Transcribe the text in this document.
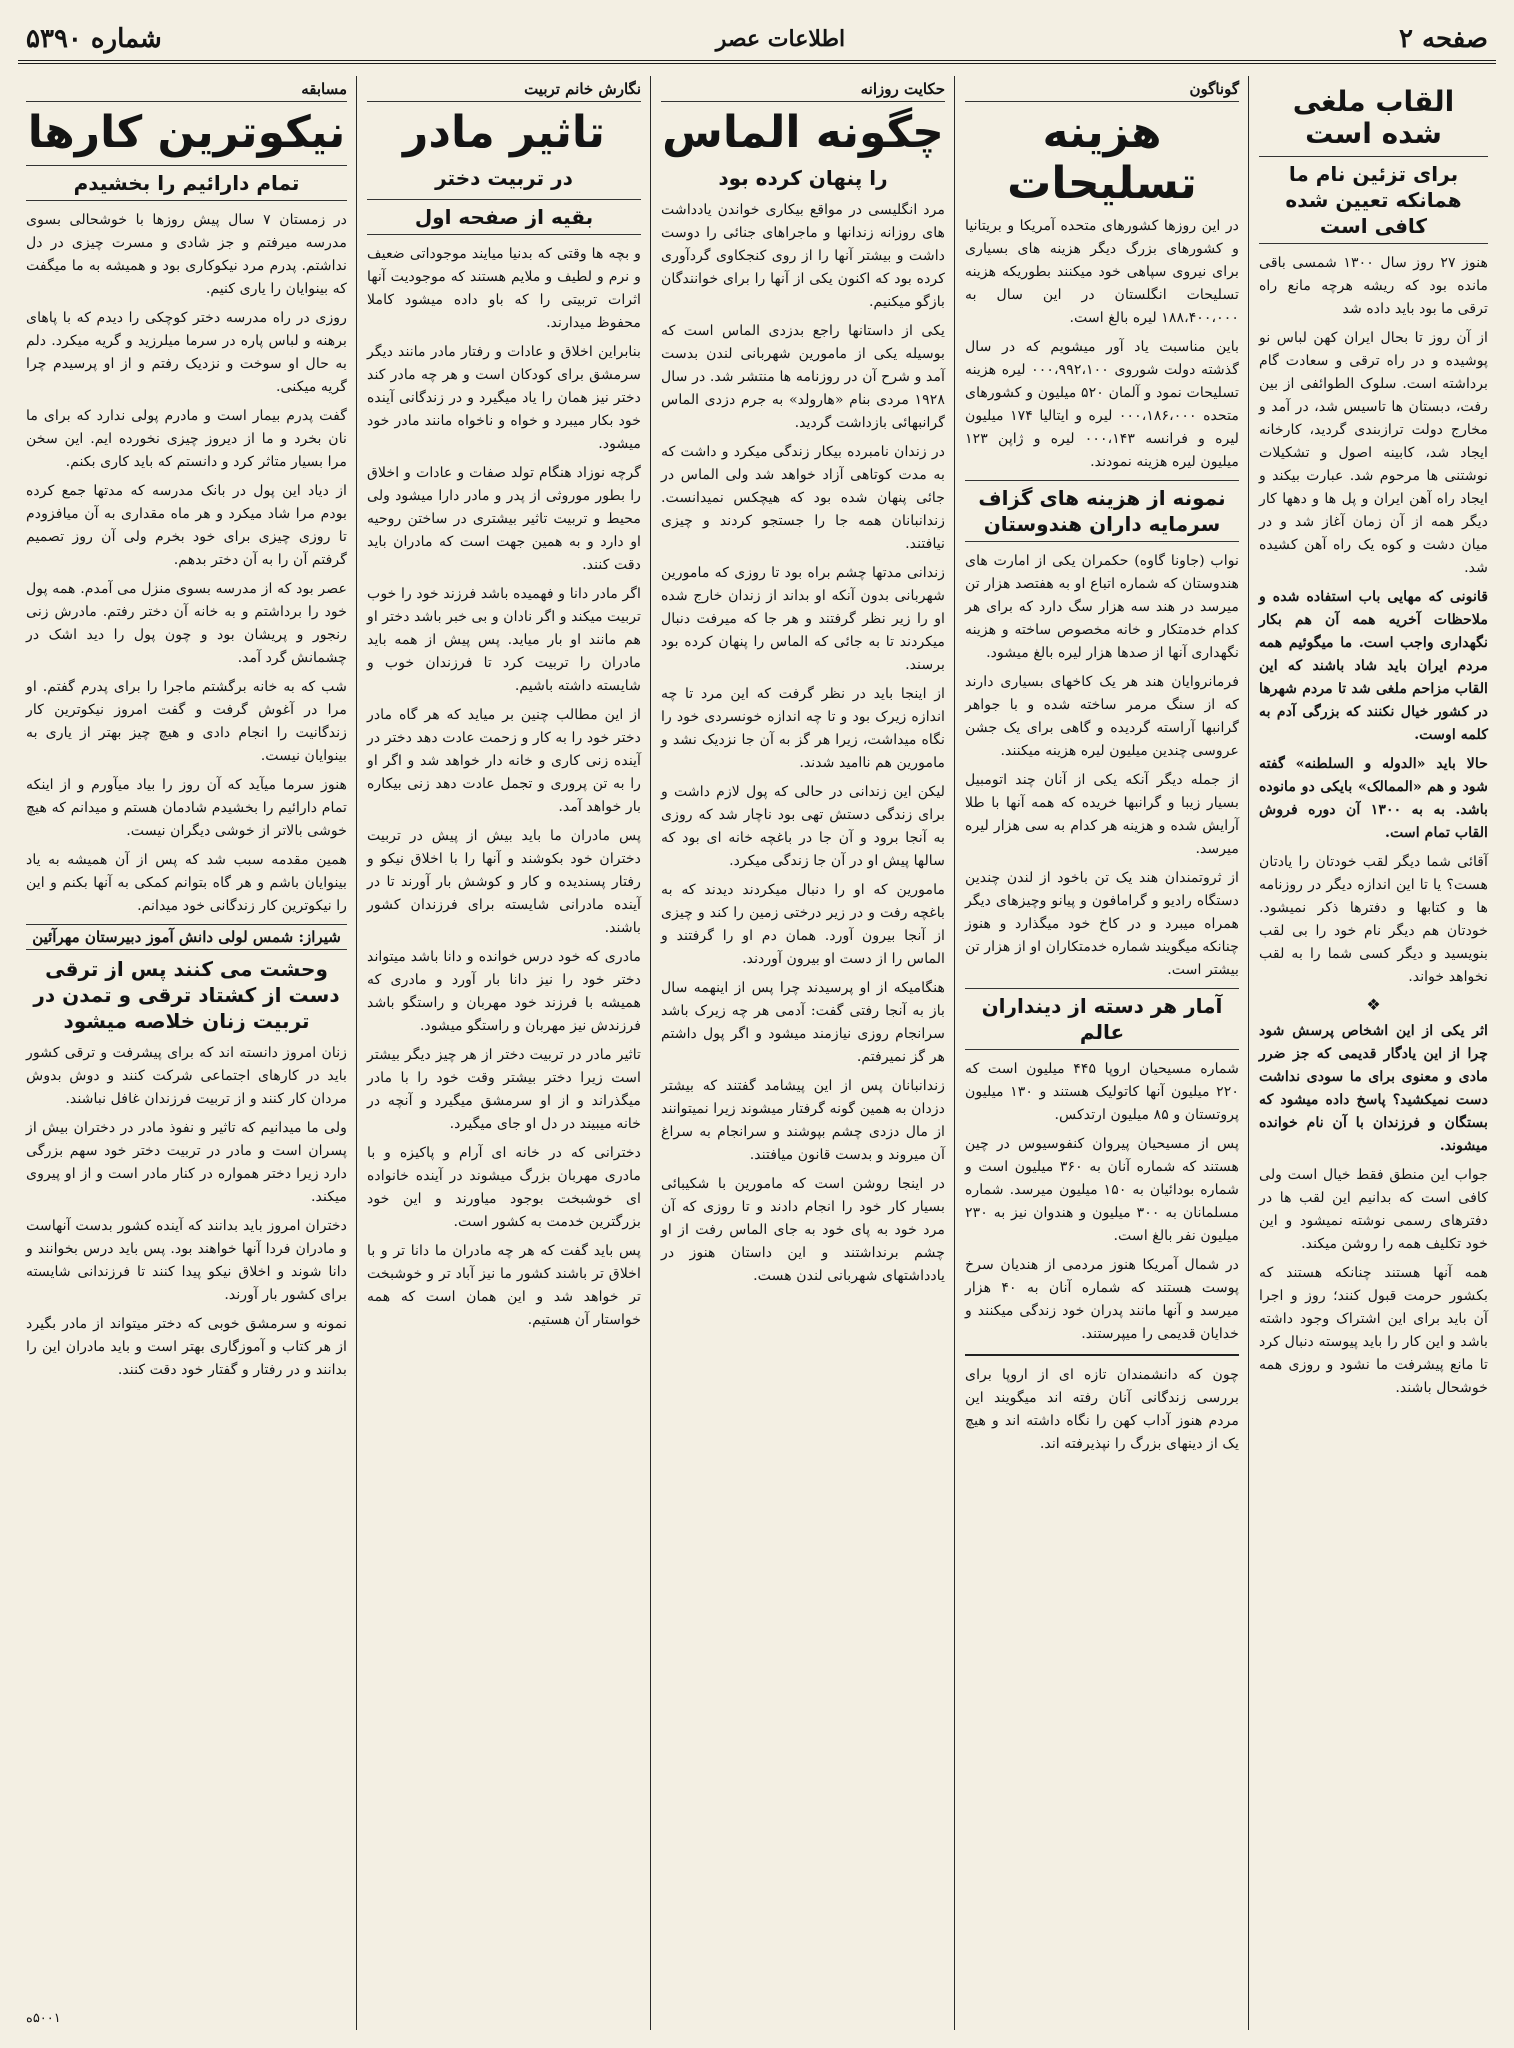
صفحه ۲
اطلاعات عصر
شماره ۵۳۹۰
القاب ملغی شده است
برای تزئین نام ما همانکه تعیین شده کافی است

هنوز ۲۷ روز سال ۱۳۰۰ شمسی باقی مانده بود که ریشه هرچه مانع راه ترقی ما بود باید داده شد

از آن روز تا بحال ایران کهن لباس نو پوشیده و در راه ترقی و سعادت گام برداشته است. سلوک الطوائفی از بین رفت، دبستان ها تاسیس شد، در آمد و مخارج دولت ترازبندی گردید، کارخانه ایجاد شد، کابینه اصول و تشکیلات نوشتنی ها مرحوم شد. عبارت بیکند و ایجاد راه آهن ایران و پل ها و دهها کار دیگر همه از آن زمان آغاز شد و در میان دشت و کوه یک راه آهن کشیده شد.

قانونی که مهایی باب استفاده شده و ملاحظات آخریه همه آن هم بکار نگهداری واجب است. ما میگوئیم همه مردم ایران باید شاد باشند که این القاب مزاحم ملغی شد تا مردم شهرها در کشور خیال نکنند که بزرگی آدم به کلمه اوست.

حالا باید «الدوله و السلطنه» گفته شود و هم «الممالک» بایکی دو مانوده باشد. به به ۱۳۰۰ آن دوره فروش القاب تمام است.

آقائی شما دیگر لقب خودتان را یادتان هست؟ یا تا این اندازه دیگر در روزنامه ها و کتابها و دفترها ذکر نمیشود. خودتان هم دیگر نام خود را بی لقب بنویسید و دیگر کسی شما را به لقب نخواهد خواند.

❖

اثر یکی از این اشخاص پرسش شود چرا از این یادگار قدیمی که جز ضرر مادی و معنوی برای ما سودی نداشت دست نمیکشید؟ پاسخ داده میشود که بستگان و فرزندان با آن نام خوانده میشوند.

جواب این منطق فقط خیال است ولی کافی است که بدانیم این لقب ها در دفترهای رسمی نوشته نمیشود و این خود تکلیف همه را روشن میکند.

همه آنها هستند چنانکه هستند که بکشور حرمت قبول کنند؛ روز و اجرا آن باید برای این اشتراک وجود داشته باشد و این کار را باید پیوسته دنبال کرد تا مانع پیشرفت ما نشود و روزی همه خوشحال باشند.

گوناگون
هزینه تسلیحات

در این روزها کشورهای متحده آمریکا و بریتانیا و کشورهای بزرگ دیگر هزینه های بسیاری برای نیروی سپاهی خود میکنند بطوریکه هزینه تسلیحات انگلستان در این سال به ۱۸۸،۴۰۰،۰۰۰ لیره بالغ است.

باین مناسبت یاد آور میشویم که در سال گذشته دولت شوروی ۰۰۰،۹۹۲،۱۰۰ لیره هزینه تسلیحات نمود و آلمان ۵۲۰ میلیون و کشورهای متحده ۰۰۰،۱۸۶،۰۰۰ لیره و ایتالیا ۱۷۴ میلیون لیره و فرانسه ۰۰۰،۱۴۳ لیره و ژاپن ۱۲۳ میلیون لیره هزینه نمودند.

نمونه از هزینه های گزاف سرمایه داران هندوستان

نواب (جاونا گاوه) حکمران یکی از امارت های هندوستان که شماره اتباع او به هفتصد هزار تن میرسد در هند سه هزار سگ دارد که برای هر کدام خدمتکار و خانه مخصوص ساخته و هزینه نگهداری آنها از صدها هزار لیره بالغ میشود.

فرمانروایان هند هر یک کاخهای بسیاری دارند که از سنگ مرمر ساخته شده و با جواهر گرانبها آراسته گردیده و گاهی برای یک جشن عروسی چندین میلیون لیره هزینه میکنند.

از جمله دیگر آنکه یکی از آنان چند اتومبیل بسیار زیبا و گرانبها خریده که همه آنها با طلا آرایش شده و هزینه هر کدام به سی هزار لیره میرسد.

از ثروتمندان هند یک تن باخود از لندن چندین دستگاه رادیو و گرامافون و پیانو وچیزهای دیگر همراه میبرد و در کاخ خود میگذارد و هنوز چنانکه میگویند شماره خدمتکاران او از هزار تن بیشتر است.

آمار هر دسته از دینداران عالم

شماره مسیحیان اروپا ۴۴۵ میلیون است که ۲۲۰ میلیون آنها کاتولیک هستند و ۱۳۰ میلیون پروتستان و ۸۵ میلیون ارتدکس.

پس از مسیحیان پیروان کنفوسیوس در چین هستند که شماره آنان به ۳۶۰ میلیون است و شماره بودائیان به ۱۵۰ میلیون میرسد. شماره مسلمانان به ۳۰۰ میلیون و هندوان نیز به ۲۳۰ میلیون نفر بالغ است.

در شمال آمریکا هنوز مردمی از هندیان سرخ پوست هستند که شماره آنان به ۴۰ هزار میرسد و آنها مانند پدران خود زندگی میکنند و خدایان قدیمی را میپرستند.

چون که دانشمندان تازه ای از اروپا برای بررسی زندگانی آنان رفته اند میگویند این مردم هنوز آداب کهن را نگاه داشته اند و هیچ یک از دینهای بزرگ را نپذیرفته اند.

حکایت روزانه
چگونه الماس
را پنهان کرده بود

مرد انگلیسی در مواقع بیکاری خواندن یادداشت های روزانه زندانها و ماجراهای جنائی را دوست داشت و بیشتر آنها را از روی کنجکاوی گردآوری کرده بود که اکنون یکی از آنها را برای خوانندگان بازگو میکنیم.

یکی از داستانها راجع بدزدی الماس است که بوسیله یکی از مامورین شهربانی لندن بدست آمد و شرح آن در روزنامه ها منتشر شد. در سال ۱۹۲۸ مردی بنام «هارولد» به جرم دزدی الماس گرانبهائی بازداشت گردید.

در زندان نامبرده بیکار زندگی میکرد و داشت که به مدت کوتاهی آزاد خواهد شد ولی الماس در جائی پنهان شده بود که هیچکس نمیدانست. زندانبانان همه جا را جستجو کردند و چیزی نیافتند.

زندانی مدتها چشم براه بود تا روزی که مامورین شهربانی بدون آنکه او بداند از زندان خارج شده او را زیر نظر گرفتند و هر جا که میرفت دنبال میکردند تا به جائی که الماس را پنهان کرده بود برسند.

از اینجا باید در نظر گرفت که این مرد تا چه اندازه زیرک بود و تا چه اندازه خونسردی خود را نگاه میداشت، زیرا هر گز به آن جا نزدیک نشد و مامورین هم ناامید شدند.

لیکن این زندانی در حالی که پول لازم داشت و برای زندگی دستش تهی بود ناچار شد که روزی به آنجا برود و آن جا در باغچه خانه ای بود که سالها پیش او در آن جا زندگی میکرد.

مامورین که او را دنبال میکردند دیدند که به باغچه رفت و در زیر درختی زمین را کند و چیزی از آنجا بیرون آورد. همان دم او را گرفتند و الماس را از دست او بیرون آوردند.

هنگامیکه از او پرسیدند چرا پس از اینهمه سال باز به آنجا رفتی گفت: آدمی هر چه زیرک باشد سرانجام روزی نیازمند میشود و اگر پول داشتم هر گز نمیرفتم.

زندانبانان پس از این پیشامد گفتند که بیشتر دزدان به همین گونه گرفتار میشوند زیرا نمیتوانند از مال دزدی چشم بپوشند و سرانجام به سراغ آن میروند و بدست قانون میافتند.

در اینجا روشن است که مامورین با شکیبائی بسیار کار خود را انجام دادند و تا روزی که آن مرد خود به پای خود به جای الماس رفت از او چشم برنداشتند و این داستان هنوز در یادداشتهای شهربانی لندن هست.

نگارش خانم تربیت
تاثیر مادر
در تربیت دختر
بقیه از صفحه اول

و بچه ها وقتی که بدنیا میایند موجوداتی ضعیف و نرم و لطیف و ملایم هستند که موجودیت آنها اثرات تربیتی را که باو داده میشود کاملا محفوظ میدارند.

بنابراین اخلاق و عادات و رفتار مادر مانند دیگر سرمشق برای کودکان است و هر چه مادر کند دختر نیز همان را یاد میگیرد و در زندگانی آینده خود بکار میبرد و خواه و ناخواه مانند مادر خود میشود.

گرچه نوزاد هنگام تولد صفات و عادات و اخلاق را بطور موروثی از پدر و مادر دارا میشود ولی محیط و تربیت تاثیر بیشتری در ساختن روحیه او دارد و به همین جهت است که مادران باید دقت کنند.

اگر مادر دانا و فهمیده باشد فرزند خود را خوب تربیت میکند و اگر نادان و بی خبر باشد دختر او هم مانند او بار میاید. پس پیش از همه باید مادران را تربیت کرد تا فرزندان خوب و شایسته داشته باشیم.

از این مطالب چنین بر میاید که هر گاه مادر دختر خود را به کار و زحمت عادت دهد دختر در آینده زنی کاری و خانه دار خواهد شد و اگر او را به تن پروری و تجمل عادت دهد زنی بیکاره بار خواهد آمد.

پس مادران ما باید بیش از پیش در تربیت دختران خود بکوشند و آنها را با اخلاق نیکو و رفتار پسندیده و کار و کوشش بار آورند تا در آینده مادرانی شایسته برای فرزندان کشور باشند.

مادری که خود درس خوانده و دانا باشد میتواند دختر خود را نیز دانا بار آورد و مادری که همیشه با فرزند خود مهربان و راستگو باشد فرزندش نیز مهربان و راستگو میشود.

تاثیر مادر در تربیت دختر از هر چیز دیگر بیشتر است زیرا دختر بیشتر وقت خود را با مادر میگذراند و از او سرمشق میگیرد و آنچه در خانه میبیند در دل او جای میگیرد.

دخترانی که در خانه ای آرام و پاکیزه و با مادری مهربان بزرگ میشوند در آینده خانواده ای خوشبخت بوجود میاورند و این خود بزرگترین خدمت به کشور است.

پس باید گفت که هر چه مادران ما دانا تر و با اخلاق تر باشند کشور ما نیز آباد تر و خوشبخت تر خواهد شد و این همان است که همه خواستار آن هستیم.

مسابقه
نیکوترین کارها
تمام دارائیم را بخشیدم

در زمستان ۷ سال پیش روزها با خوشحالی بسوی مدرسه میرفتم و جز شادی و مسرت چیزی در دل نداشتم. پدرم مرد نیکوکاری بود و همیشه به ما میگفت که بینوایان را یاری کنیم.

روزی در راه مدرسه دختر کوچکی را دیدم که با پاهای برهنه و لباس پاره در سرما میلرزید و گریه میکرد. دلم به حال او سوخت و نزدیک رفتم و از او پرسیدم چرا گریه میکنی.

گفت پدرم بیمار است و مادرم پولی ندارد که برای ما نان بخرد و ما از دیروز چیزی نخورده ایم. این سخن مرا بسیار متاثر کرد و دانستم که باید کاری بکنم.

از دیاد این پول در بانک مدرسه که مدتها جمع کرده بودم مرا شاد میکرد و هر ماه مقداری به آن میافزودم تا روزی چیزی برای خود بخرم ولی آن روز تصمیم گرفتم آن را به آن دختر بدهم.

عصر بود که از مدرسه بسوی منزل می آمدم. همه پول خود را برداشتم و به خانه آن دختر رفتم. مادرش زنی رنجور و پریشان بود و چون پول را دید اشک در چشمانش گرد آمد.

شب که به خانه برگشتم ماجرا را برای پدرم گفتم. او مرا در آغوش گرفت و گفت امروز نیکوترین کار زندگانیت را انجام دادی و هیچ چیز بهتر از یاری به بینوایان نیست.

هنوز سرما میآید که آن روز را بیاد میآورم و از اینکه تمام دارائیم را بخشیدم شادمان هستم و میدانم که هیچ خوشی بالاتر از خوشی دیگران نیست.

همین مقدمه سبب شد که پس از آن همیشه به یاد بینوایان باشم و هر گاه بتوانم کمکی به آنها بکنم و این را نیکوترین کار زندگانی خود میدانم.

شیراز: شمس لولی دانش آموز دبیرستان مهرآئین
وحشت می کنند پس از ترقی دست از کشتاد ترقی و تمدن در تربیت زنان خلاصه میشود

زنان امروز دانسته اند که برای پیشرفت و ترقی کشور باید در کارهای اجتماعی شرکت کنند و دوش بدوش مردان کار کنند و از تربیت فرزندان غافل نباشند.

ولی ما میدانیم که تاثیر و نفوذ مادر در دختران بیش از پسران است و مادر در تربیت دختر خود سهم بزرگی دارد زیرا دختر همواره در کنار مادر است و از او پیروی میکند.

دختران امروز باید بدانند که آینده کشور بدست آنهاست و مادران فردا آنها خواهند بود. پس باید درس بخوانند و دانا شوند و اخلاق نیکو پیدا کنند تا فرزندانی شایسته برای کشور بار آورند.

نمونه و سرمشق خوبی که دختر میتواند از مادر بگیرد از هر کتاب و آموزگاری بهتر است و باید مادران این را بدانند و در رفتار و گفتار خود دقت کنند.

۵۰۰۱ه
